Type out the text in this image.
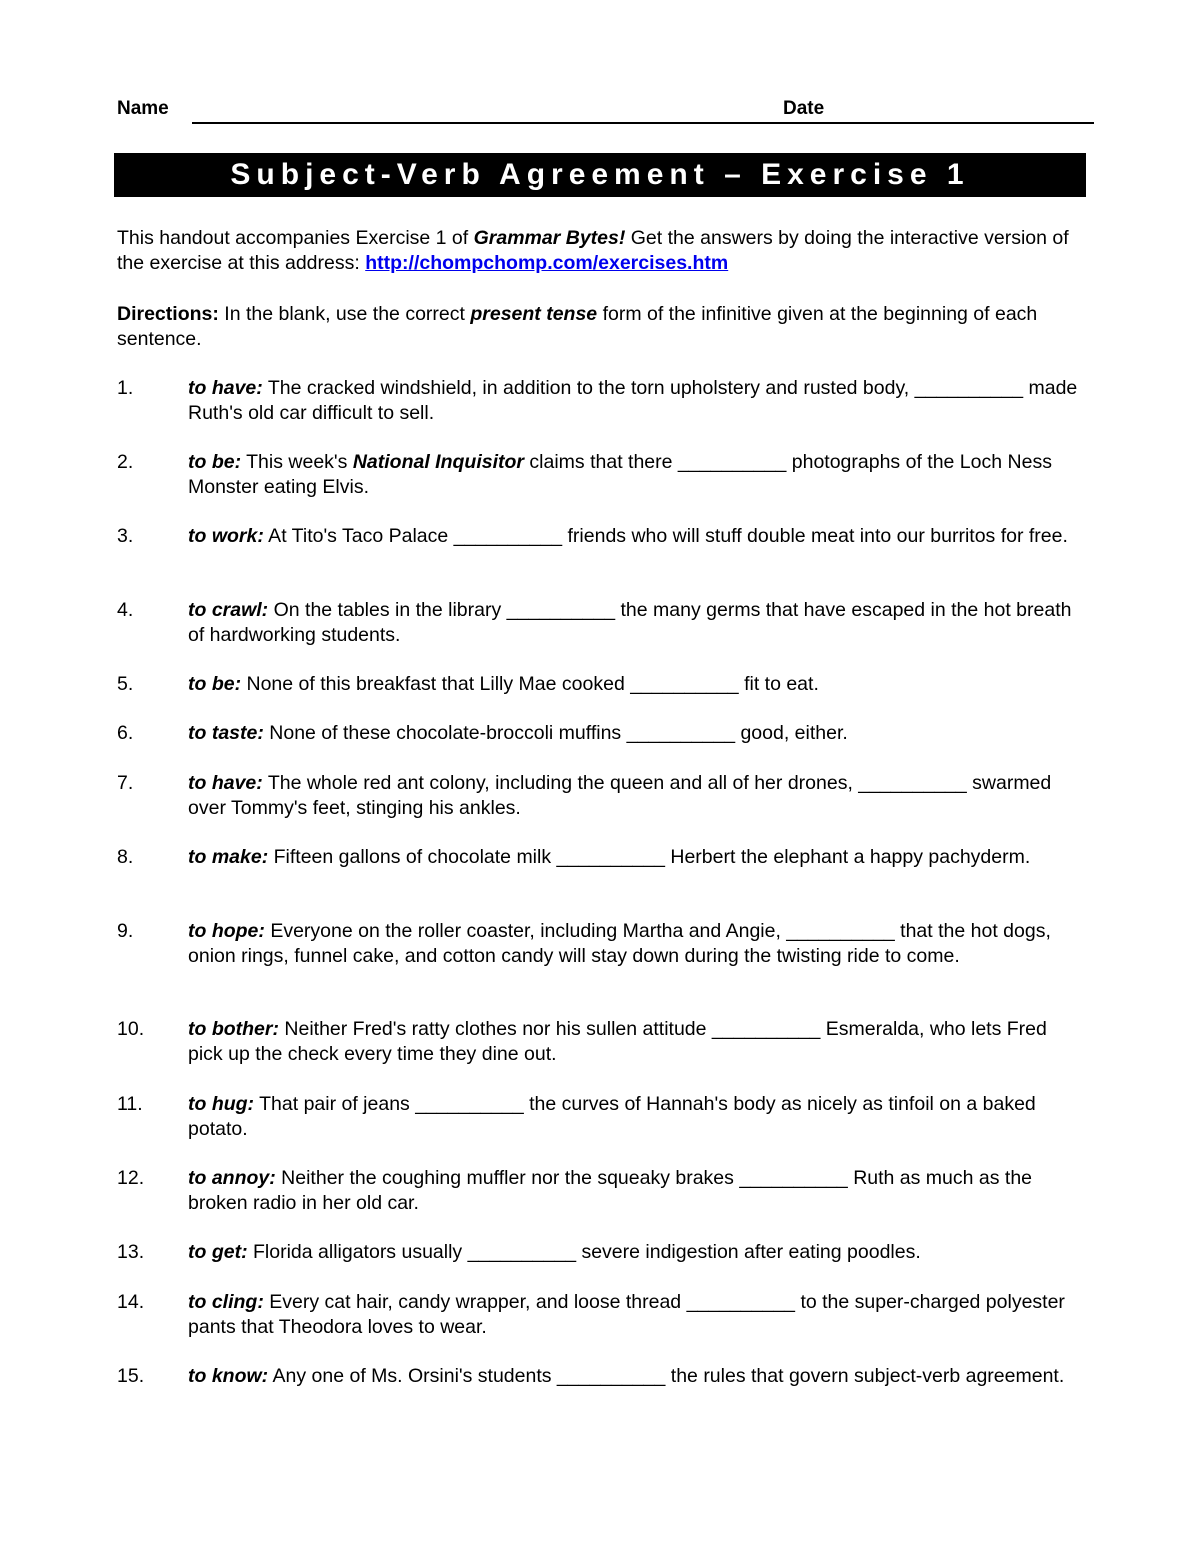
Name	Date
Subject-Verb Agreement – Exercise 1
This handout accompanies Exercise 1 of Grammar Bytes! Get the answers by doing the interactive version of the exercise at this address: http://chompchomp.com/exercises.htm
Directions: In the blank, use the correct present tense form of the infinitive given at the beginning of each sentence.
1.	to have: The cracked windshield, in addition to the torn upholstery and rusted body, __________ made Ruth's old car difficult to sell.
2.	to be: This week's National Inquisitor claims that there __________ photographs of the Loch Ness Monster eating Elvis.
3.	to work: At Tito's Taco Palace __________ friends who will stuff double meat into our burritos for free.
4.	to crawl: On the tables in the library __________ the many germs that have escaped in the hot breath of hardworking students.
5.	to be: None of this breakfast that Lilly Mae cooked __________ fit to eat.
6.	to taste: None of these chocolate-broccoli muffins __________ good, either.
7.	to have: The whole red ant colony, including the queen and all of her drones, __________ swarmed over Tommy's feet, stinging his ankles.
8.	to make: Fifteen gallons of chocolate milk __________ Herbert the elephant a happy pachyderm.
9.	to hope: Everyone on the roller coaster, including Martha and Angie, __________ that the hot dogs, onion rings, funnel cake, and cotton candy will stay down during the twisting ride to come.
10.	to bother: Neither Fred's ratty clothes nor his sullen attitude __________ Esmeralda, who lets Fred pick up the check every time they dine out.
11.	to hug: That pair of jeans __________ the curves of Hannah's body as nicely as tinfoil on a baked potato.
12.	to annoy: Neither the coughing muffler nor the squeaky brakes __________ Ruth as much as the broken radio in her old car.
13.	to get: Florida alligators usually __________ severe indigestion after eating poodles.
14.	to cling: Every cat hair, candy wrapper, and loose thread __________ to the super-charged polyester pants that Theodora loves to wear.
15.	to know: Any one of Ms. Orsini's students __________ the rules that govern subject-verb agreement.
